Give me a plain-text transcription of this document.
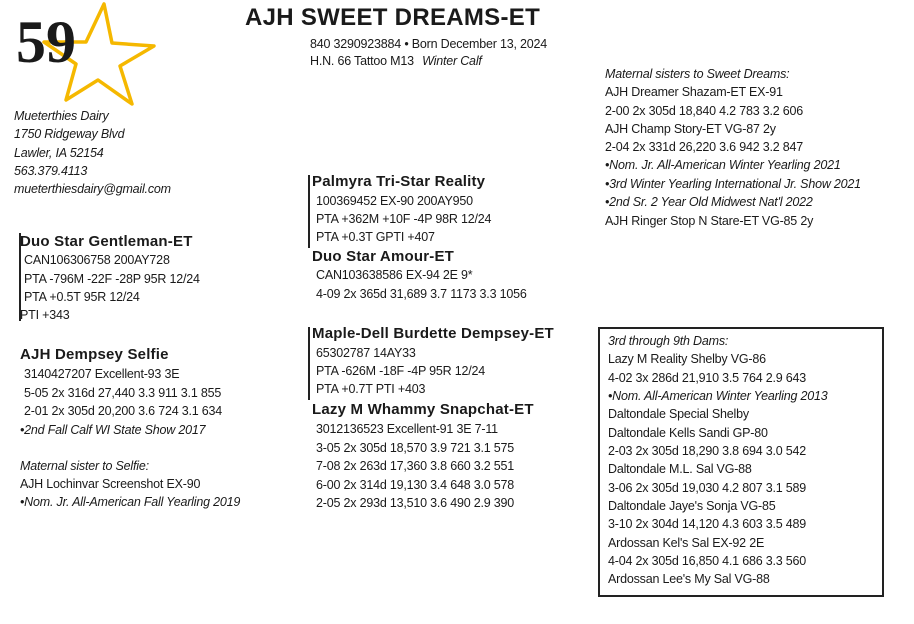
59	AJH SWEET DREAMS-ET
840 3290923884 • Born December 13, 2024
H.N. 66 Tattoo M13 Winter Calf
Mueterthies Dairy
1750 Ridgeway Blvd
Lawler, IA 52154
563.379.4113
mueterthiesdairy@gmail.com
Duo Star Gentleman-ET
CAN106306758 200AY728
PTA -796M -22F -28P 95R 12/24
PTA +0.5T 95R 12/24
PTI +343
AJH Dempsey Selfie
3140427207 Excellent-93 3E
5-05 2x 316d 27,440 3.3 911 3.1 855
2-01 2x 305d 20,200 3.6 724 3.1 634
•2nd Fall Calf WI State Show 2017
Maternal sister to Selfie:
AJH Lochinvar Screenshot EX-90
•Nom. Jr. All-American Fall Yearling 2019
Palmyra Tri-Star Reality
100369452 EX-90 200AY950
PTA +362M +10F -4P 98R 12/24
PTA +0.3T GPTI +407
Duo Star Amour-ET
CAN103638586 EX-94 2E 9*
4-09 2x 365d 31,689 3.7 1173 3.3 1056
Maple-Dell Burdette Dempsey-ET
65302787 14AY33
PTA -626M -18F -4P 95R 12/24
PTA +0.7T PTI +403
Lazy M Whammy Snapchat-ET
3012136523 Excellent-91 3E 7-11
3-05 2x 305d 18,570 3.9 721 3.1 575
7-08 2x 263d 17,360 3.8 660 3.2 551
6-00 2x 314d 19,130 3.4 648 3.0 578
2-05 2x 293d 13,510 3.6 490 2.9 390
Maternal sisters to Sweet Dreams:
AJH Dreamer Shazam-ET EX-91
2-00 2x 305d 18,840 4.2 783 3.2 606
AJH Champ Story-ET VG-87 2y
2-04 2x 331d 26,220 3.6 942 3.2 847
•Nom. Jr. All-American Winter Yearling 2021
•3rd Winter Yearling International Jr. Show 2021
•2nd Sr. 2 Year Old Midwest Nat'l 2022
AJH Ringer Stop N Stare-ET VG-85 2y
3rd through 9th Dams:
Lazy M Reality Shelby VG-86
4-02 3x 286d 21,910 3.5 764 2.9 643
•Nom. All-American Winter Yearling 2013
Daltondale Special Shelby
Daltondale Kells Sandi GP-80
2-03 2x 305d 18,290 3.8 694 3.0 542
Daltondale M.L. Sal VG-88
3-06 2x 305d 19,030 4.2 807 3.1 589
Daltondale Jaye's Sonja VG-85
3-10 2x 304d 14,120 4.3 603 3.5 489
Ardossan Kel's Sal EX-92 2E
4-04 2x 305d 16,850 4.1 686 3.3 560
Ardossan Lee's My Sal VG-88
